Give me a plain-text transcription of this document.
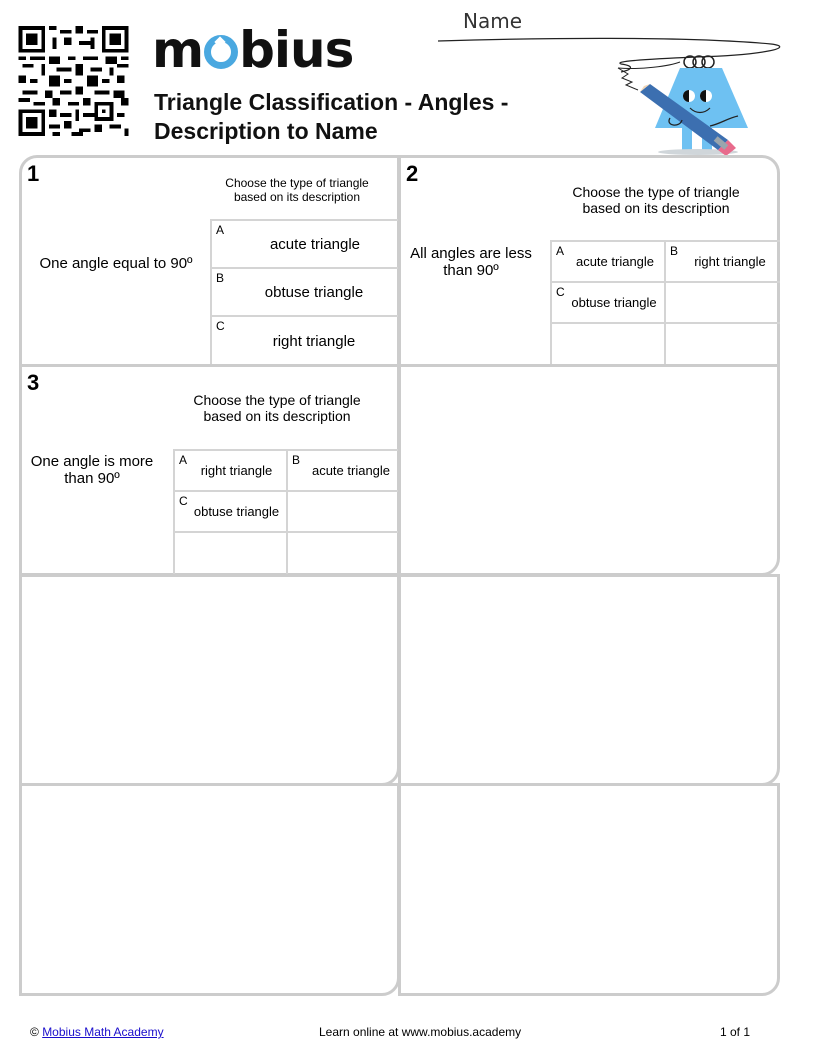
m bius
Triangle Classification - Angles -
Description to Name
Name
1	Choose the type of triangle
based on its description
One angle equal to 90º
A
acute triangle
B
obtuse triangle
C
right triangle
2
Choose the type of triangle
based on its description
All angles are less
than 90º
A
acute triangle
B
right triangle
C
obtuse triangle
3
Choose the type of triangle
based on its description
One angle is more
than 90º
A
right triangle
B
acute triangle
C
obtuse triangle
© Mobius Math Academy	Learn online at www.mobius.academy	1 of 1
